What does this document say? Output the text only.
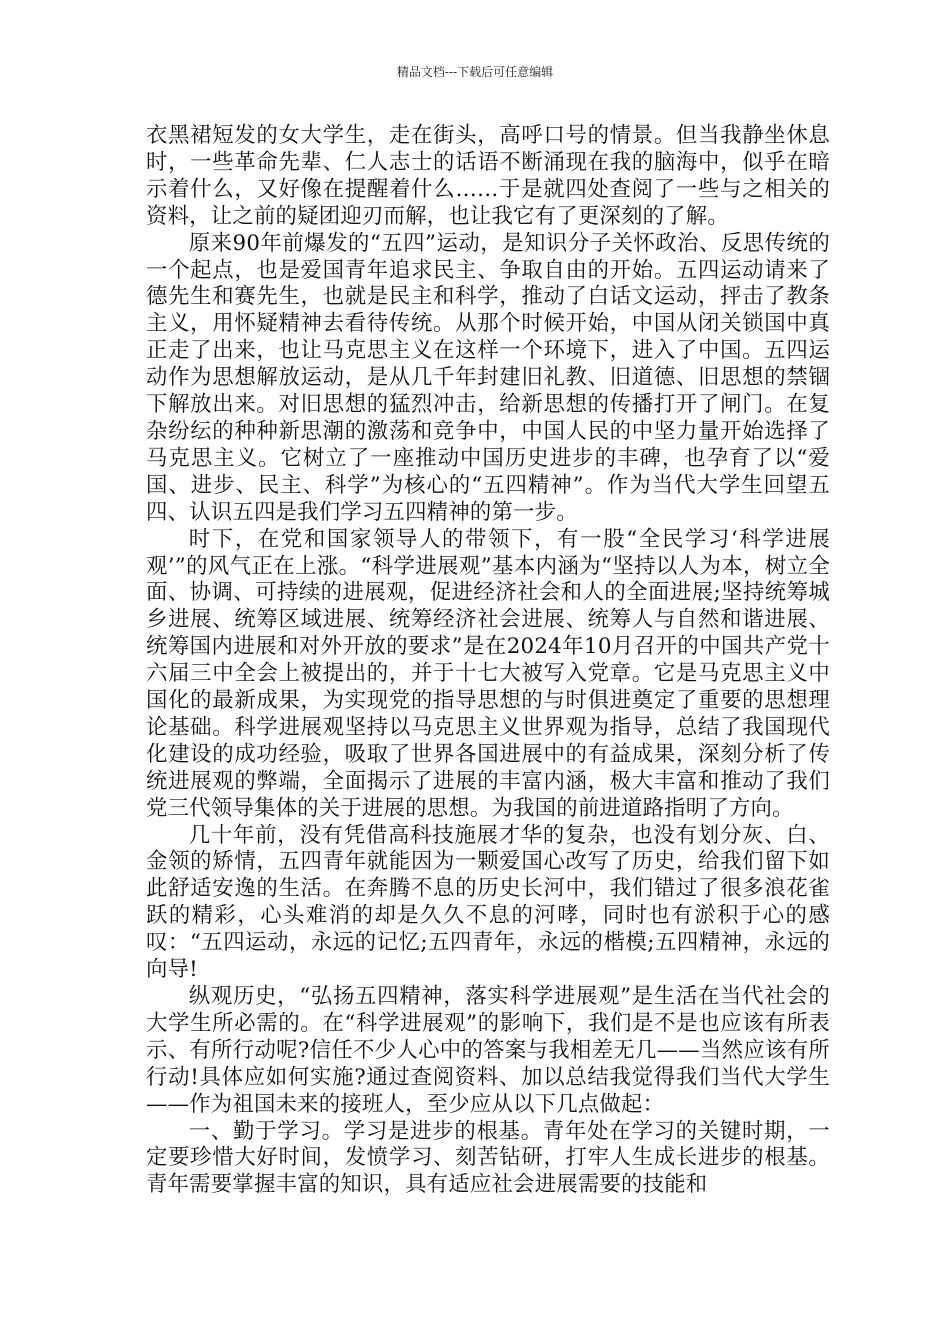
精品文档---下载后可任意编辑

衣黑裙短发的女大学生，走在街头，高呼口号的情景。但当我静坐休息时，一些革命先辈、仁人志士的话语不断涌现在我的脑海中，似乎在暗示着什么，又好像在提醒着什么……于是就四处查阅了一些与之相关的资料，让之前的疑团迎刃而解，也让我它有了更深刻的了解。

原来90年前爆发的“五四”运动，是知识分子关怀政治、反思传统的一个起点，也是爱国青年追求民主、争取自由的开始。五四运动请来了德先生和赛先生，也就是民主和科学，推动了白话文运动，抨击了教条主义，用怀疑精神去看待传统。从那个时候开始，中国从闭关锁国中真正走了出来，也让马克思主义在这样一个环境下，进入了中国。五四运动作为思想解放运动，是从几千年封建旧礼教、旧道德、旧思想的禁锢下解放出来。对旧思想的猛烈冲击，给新思想的传播打开了闸门。在复杂纷纭的种种新思潮的激荡和竞争中，中国人民的中坚力量开始选择了马克思主义。它树立了一座推动中国历史进步的丰碑，也孕育了以“爱国、进步、民主、科学”为核心的“五四精神”。作为当代大学生回望五四、认识五四是我们学习五四精神的第一步。

时下，在党和国家领导人的带领下，有一股“全民学习‘科学进展观’”的风气正在上涨。“科学进展观”基本内涵为“坚持以人为本，树立全面、协调、可持续的进展观，促进经济社会和人的全面进展;坚持统筹城乡进展、统筹区域进展、统筹经济社会进展、统筹人与自然和谐进展、统筹国内进展和对外开放的要求”是在2024年10月召开的中国共产党十六届三中全会上被提出的，并于十七大被写入党章。它是马克思主义中国化的最新成果，为实现党的指导思想的与时俱进奠定了重要的思想理论基础。科学进展观坚持以马克思主义世界观为指导，总结了我国现代化建设的成功经验，吸取了世界各国进展中的有益成果，深刻分析了传统进展观的弊端，全面揭示了进展的丰富内涵，极大丰富和推动了我们党三代领导集体的关于进展的思想。为我国的前进道路指明了方向。

几十年前，没有凭借高科技施展才华的复杂，也没有划分灰、白、金领的矫情，五四青年就能因为一颗爱国心改写了历史，给我们留下如此舒适安逸的生活。在奔腾不息的历史长河中，我们错过了很多浪花雀跃的精彩，心头难消的却是久久不息的河哮，同时也有淤积于心的感叹：“五四运动，永远的记忆;五四青年，永远的楷模;五四精神，永远的向导!

纵观历史，“弘扬五四精神，落实科学进展观”是生活在当代社会的大学生所必需的。在“科学进展观”的影响下，我们是不是也应该有所表示、有所行动呢?信任不少人心中的答案与我相差无几——当然应该有所行动!具体应如何实施?通过查阅资料、加以总结我觉得我们当代大学生——作为祖国未来的接班人，至少应从以下几点做起：

一、勤于学习。学习是进步的根基。青年处在学习的关键时期，一定要珍惜大好时间，发愤学习、刻苦钻研，打牢人生成长进步的根基。青年需要掌握丰富的知识，具有适应社会进展需要的技能和
